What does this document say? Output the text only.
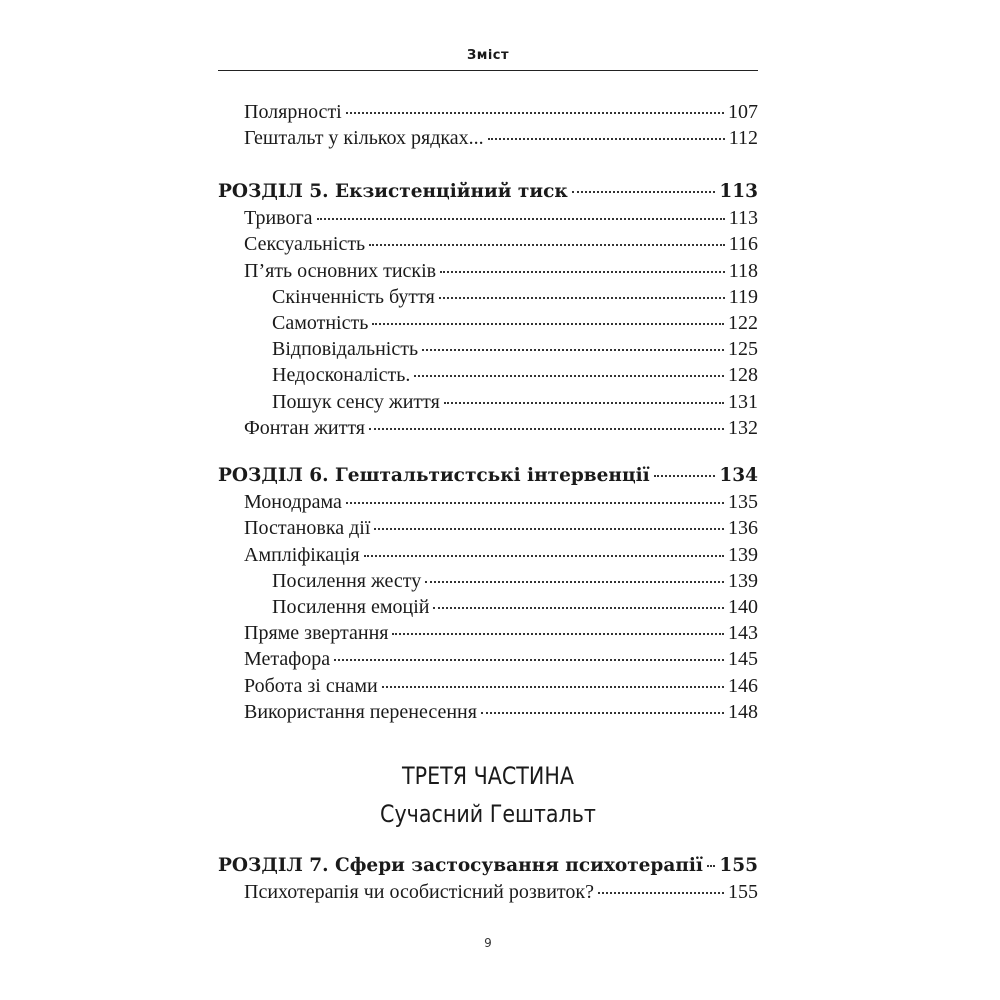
Зміст
Полярності	107
Гештальт у кількох рядках...	112
РОЗДІЛ 5. Екзистенційний тиск	113
Тривога	113
Сексуальність	116
П’ять основних тисків	118
Скінченність буття	119
Самотність	122
Відповідальність	125
Недосконалість.	128
Пошук сенсу життя	131
Фонтан життя	132
РОЗДІЛ 6. Гештальтистські інтервенції	134
Монодрама	135
Постановка дії	136
Ампліфікація	139
Посилення жесту	139
Посилення емоцій	140
Пряме звертання	143
Метафора	145
Робота зі снами	146
Використання перенесення	148
РОЗДІЛ 7. Сфери застосування психотерапії 155
Психотерапія чи особистісний розвиток?	155
ТРЕТЯ ЧАСТИНА
Сучасний Гештальт
9
